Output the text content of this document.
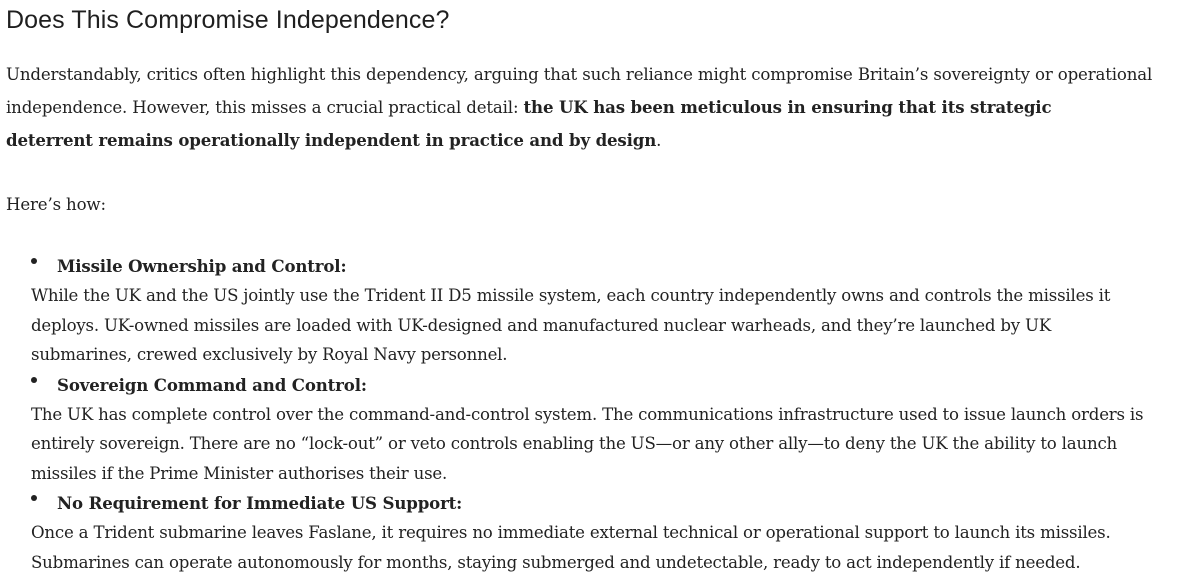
Does This Compromise Independence?

Understandably, critics often highlight this dependency, arguing that such reliance might compromise Britain’s sovereignty or operational
independence. However, this misses a crucial practical detail: the UK has been meticulous in ensuring that its strategic
deterrent remains operationally independent in practice and by design.

Here’s how:

Missile Ownership and Control:

While the UK and the US jointly use the Trident II D5 missile system, each country independently owns and controls the missiles it
deploys. UK-owned missiles are loaded with UK-designed and manufactured nuclear warheads, and they’re launched by UK
submarines, crewed exclusively by Royal Navy personnel.

Sovereign Command and Control:

The UK has complete control over the command-and-control system. The communications infrastructure used to issue launch orders is
entirely sovereign. There are no “lock-out” or veto controls enabling the US—or any other ally—to deny the UK the ability to launch
missiles if the Prime Minister authorises their use.

No Requirement for Immediate US Support:

Once a Trident submarine leaves Faslane, it requires no immediate external technical or operational support to launch its missiles.
Submarines can operate autonomously for months, staying submerged and undetectable, ready to act independently if needed.
